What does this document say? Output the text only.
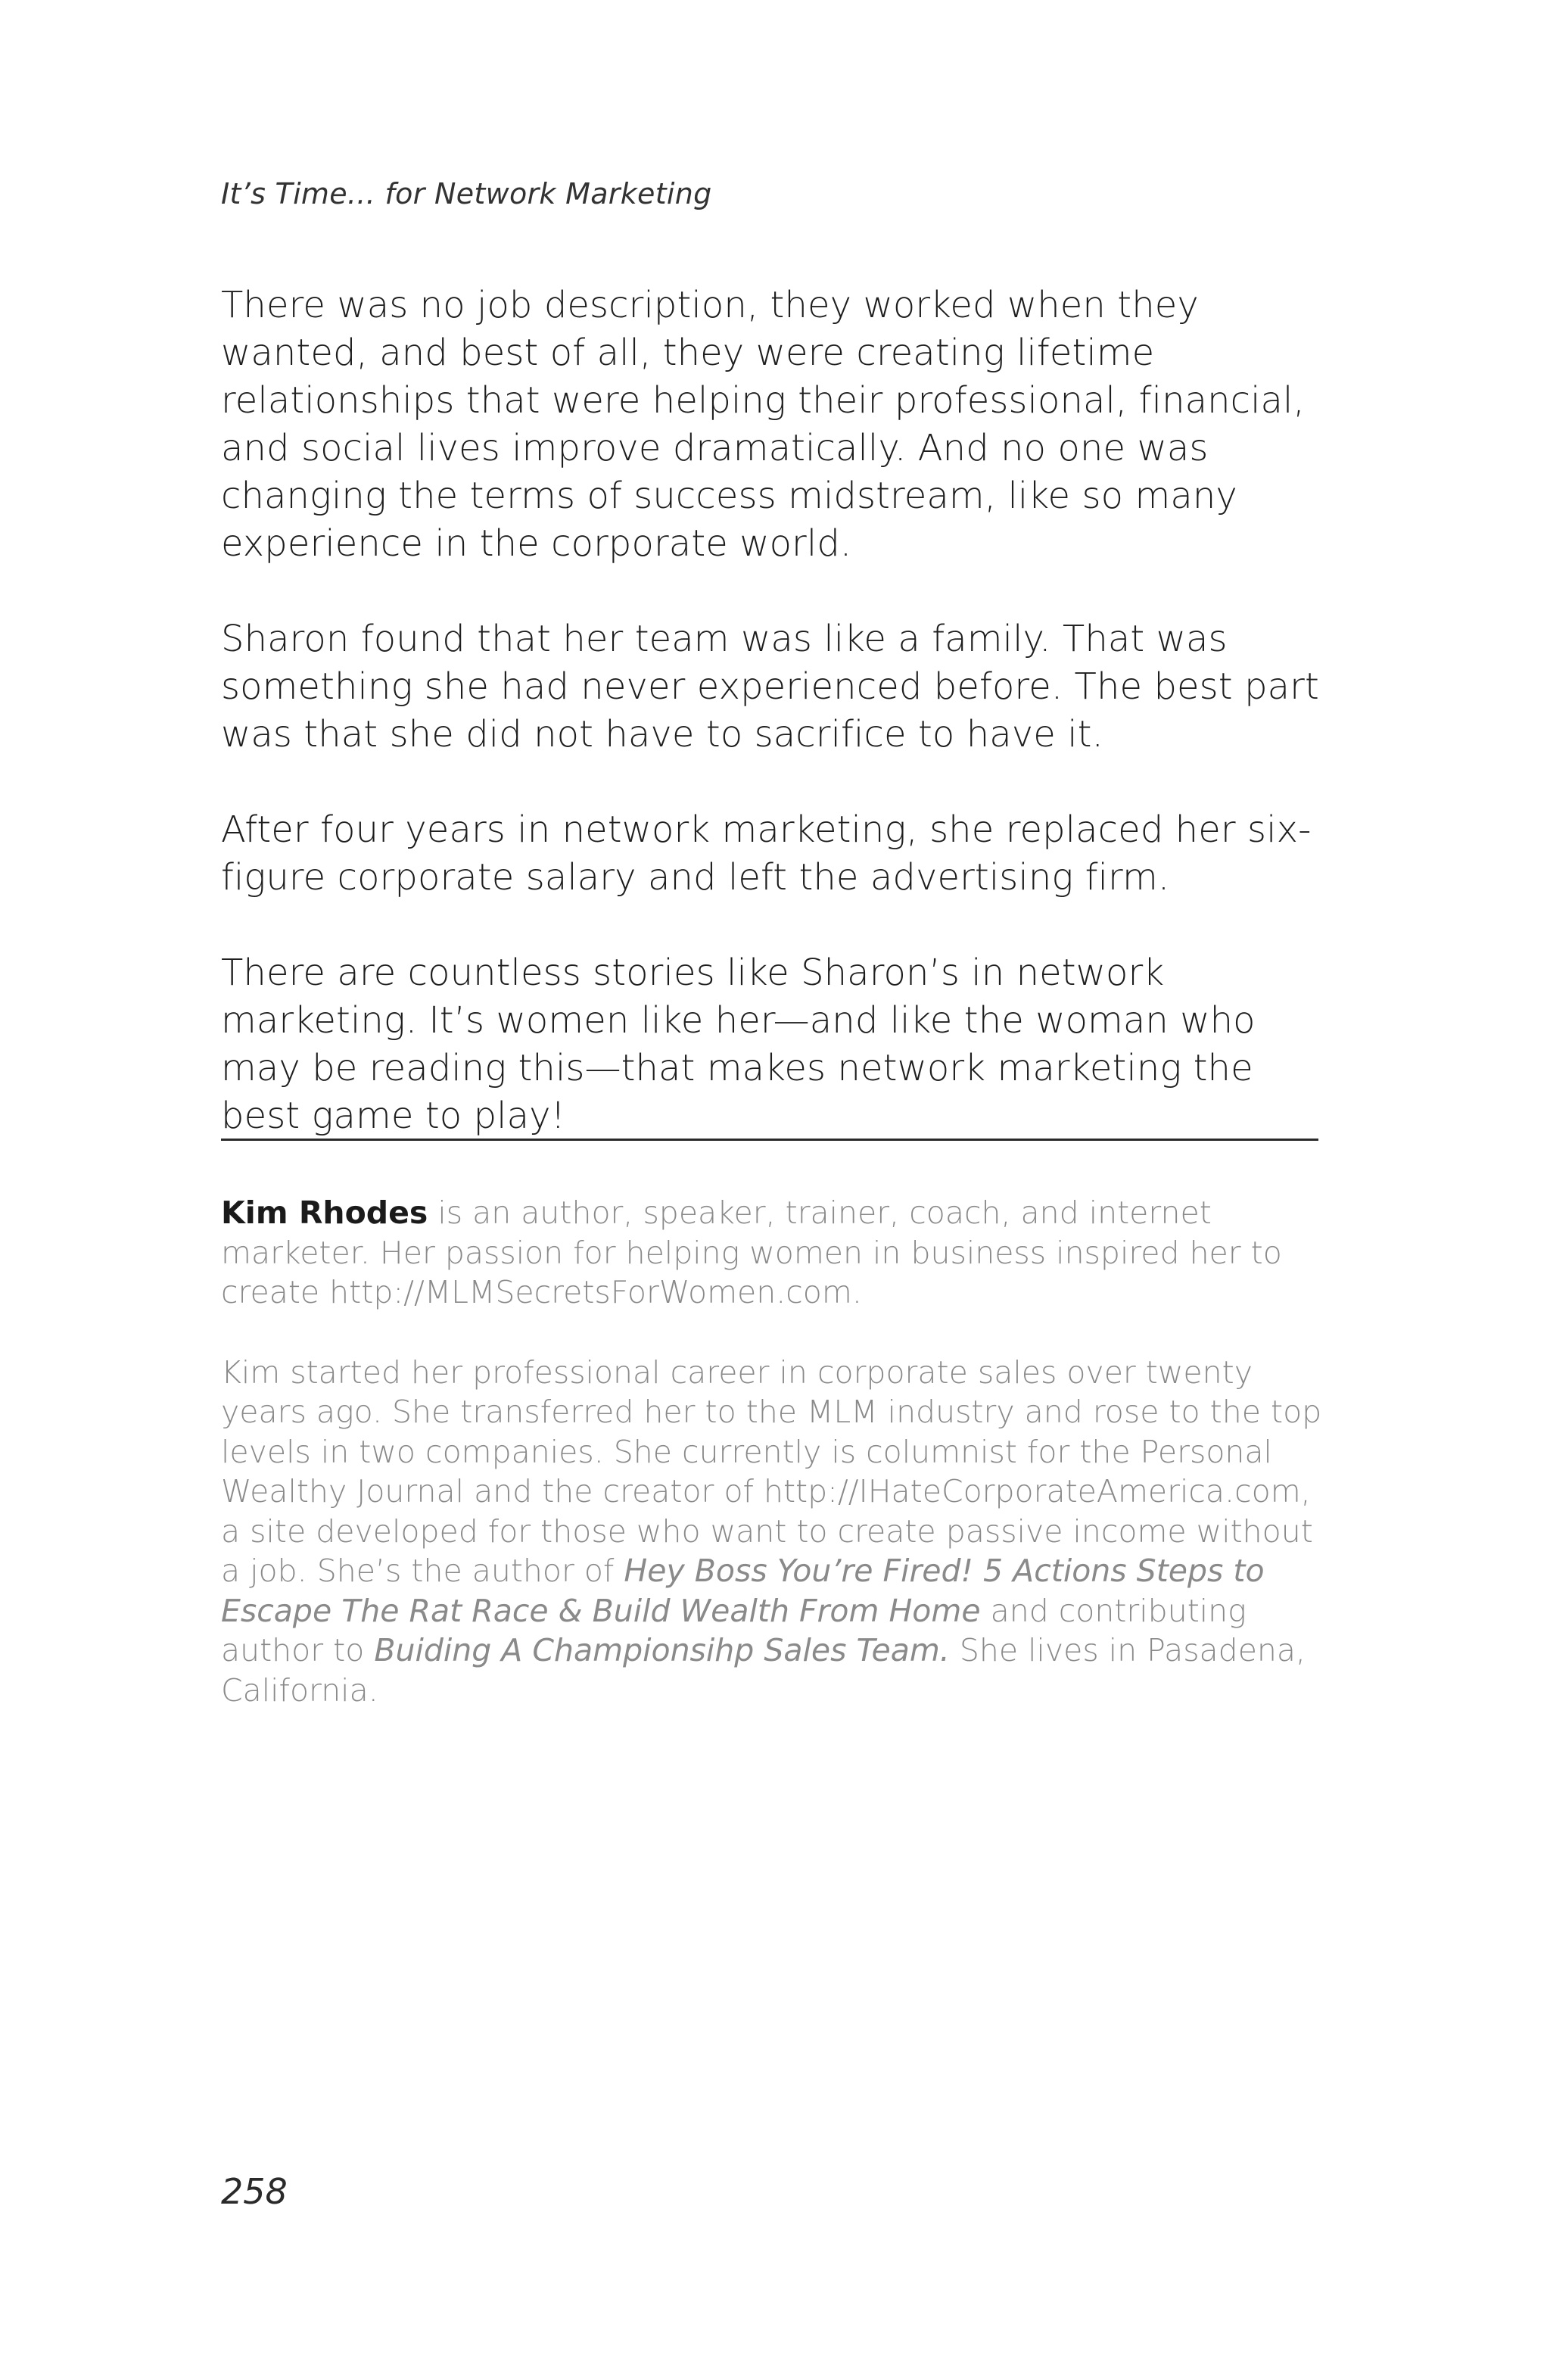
It’s Time... for Network Marketing

There was no job description, they worked when they wanted, and best of all, they were creating lifetime relationships that were helping their professional, financial, and social lives improve dramatically. And no one was changing the terms of success midstream, like so many experience in the corporate world.

Sharon found that her team was like a family. That was something she had never experienced before. The best part was that she did not have to sacrifice to have it.

After four years in network marketing, she replaced her six-figure corporate salary and left the advertising firm.

There are countless stories like Sharon’s in network marketing. It’s women like her—and like the woman who may be reading this—that makes network marketing the best game to play!

Kim Rhodes is an author, speaker, trainer, coach, and internet marketer. Her passion for helping women in business inspired her to create http://MLMSecretsForWomen.com.

Kim started her professional career in corporate sales over twenty years ago. She transferred her to the MLM industry and rose to the top levels in two companies. She currently is columnist for the Personal Wealthy Journal and the creator of http://IHateCorporateAmerica.com, a site developed for those who want to create passive income without a job. She’s the author of Hey Boss You’re Fired! 5 Actions Steps to Escape The Rat Race & Build Wealth From Home and contributing author to Buiding A Championsihp Sales Team. She lives in Pasadena, California.

258
